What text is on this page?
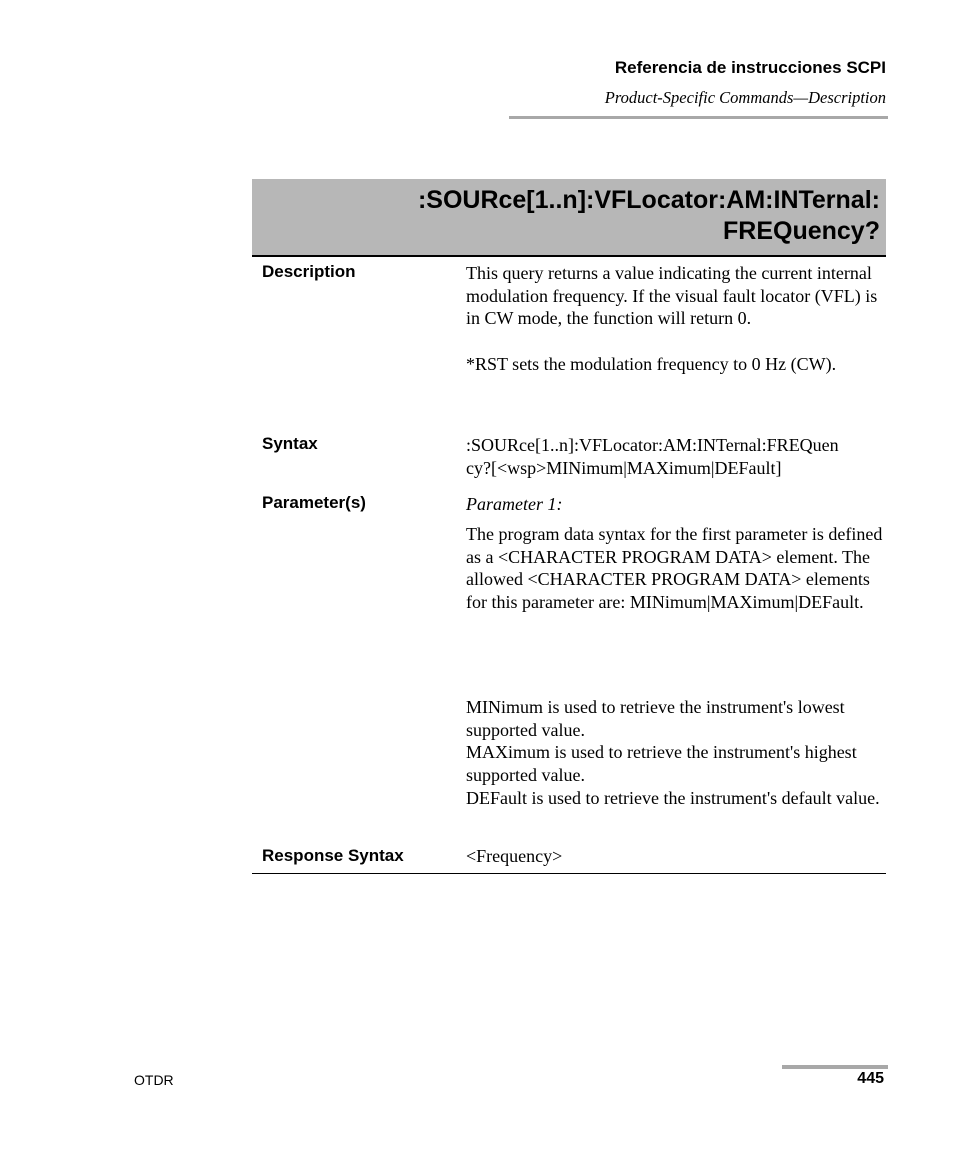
Referencia de instrucciones SCPI
Product-Specific Commands—Description
:SOURce[1..n]:VFLocator:AM:INTernal:
FREQuency?
Description	This query returns a value indicating the current internal modulation frequency. If the visual fault locator (VFL) is in CW mode, the function will return 0.

*RST sets the modulation frequency to 0 Hz (CW).

Syntax	:SOURce[1..n]:VFLocator:AM:INTernal:FREQuen
cy?[<wsp>MINimum|MAXimum|DEFault]
Parameter(s)	Parameter 1:
The program data syntax for the first parameter is defined as a <CHARACTER PROGRAM DATA> element. The allowed <CHARACTER PROGRAM DATA> elements for this parameter are: MINimum|MAXimum|DEFault.

MINimum is used to retrieve the instrument's lowest supported value.

MAXimum is used to retrieve the instrument's highest supported value.

DEFault is used to retrieve the instrument's default value.

Response Syntax	<Frequency>
OTDR	445
